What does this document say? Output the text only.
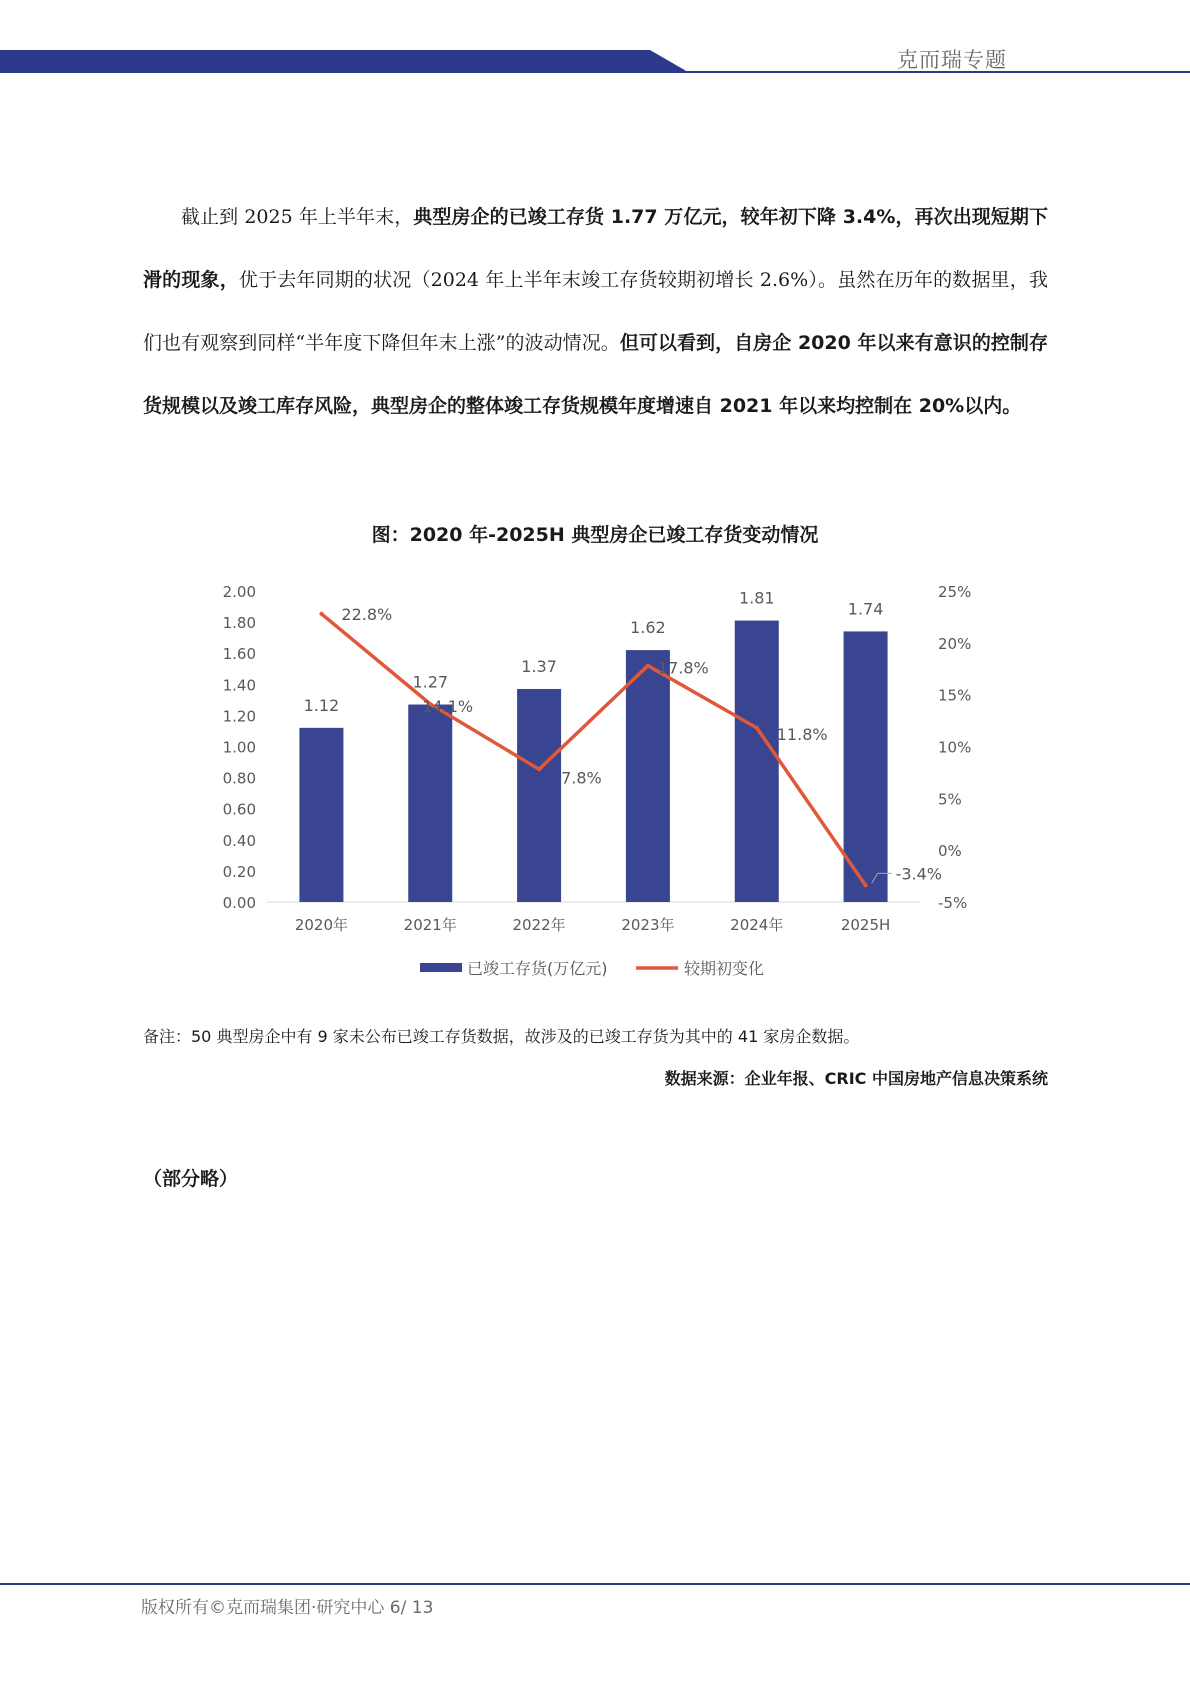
克而瑞专题

截止到 2025 年上半年末，典型房企的已竣工存货 1.77 万亿元，较年初下降 3.4%，再次出现短期下滑的现象，优于去年同期的状况（2024 年上半年末竣工存货较期初增长 2.6%）。虽然在历年的数据里，我们也有观察到同样“半年度下降但年末上涨”的波动情况。但可以看到，自房企 2020 年以来有意识的控制存货规模以及竣工库存风险，典型房企的整体竣工存货规模年度增速自 2021 年以来均控制在 20%以内。

图：2020 年-2025H 典型房企已竣工存货变动情况
0.00
0.20
0.40
0.60
0.80
1.00
1.20
1.40
1.60
1.80
2.00
-5%
0%
5%
10%
15%
20%
25%
1.12
1.27
1.37
1.62
1.81
1.74
2020年	2021年	2022年	2023年	2024年	2025H
22.8%
14.1%
7.8%
17.8%
11.8%
-3.4%
已竣工存货(万亿元)	较期初变化
备注：50 典型房企中有 9 家未公布已竣工存货数据，故涉及的已竣工存货为其中的 41 家房企数据。
数据来源：企业年报、CRIC 中国房地产信息决策系统
（部分略）
版权所有©克而瑞集团·研究中心 6/ 13
